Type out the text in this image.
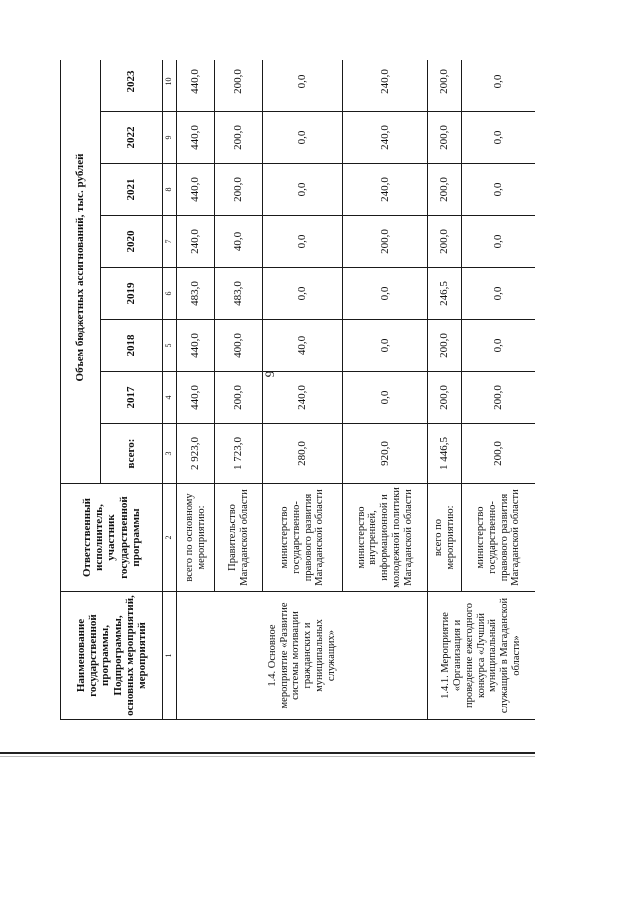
9
Наименование государственной программы, Подпрограммы, основных мероприятий, мероприятий	Ответственный исполнитель, участник государственной программы	Объем бюджетных ассигнований, тыс. рублей							
		всего:	2017	2018	2019	2020	2021	2022	2023
1	2	3	4	5	6	7	8	9	10
1.4. Основное мероприятие «Развитие системы мотивации гражданских и муниципальных служащих»	всего по основному мероприятию:	2 923,0	440,0	440,0	483,0	240,0	440,0	440,0	440,0
	Правительство Магаданской области	1 723,0	200,0	400,0	483,0	40,0	200,0	200,0	200,0
	министерство государственно-правового развития Магаданской области	280,0	240,0	40,0	0,0	0,0	0,0	0,0	0,0
	министерство внутренней, информационной и молодежной политики Магаданской области	920,0	0,0	0,0	0,0	200,0	240,0	240,0	240,0
1.4.1. Мероприятие «Организация и проведение ежегодного конкурса «Лучший муниципальный служащий в Магаданской области»	всего по мероприятию:	1 446,5	200,0	200,0	246,5	200,0	200,0	200,0	200,0
	министерство государственно-правового развития Магаданской области	200,0	200,0	0,0	0,0	0,0	0,0	0,0	0,0
